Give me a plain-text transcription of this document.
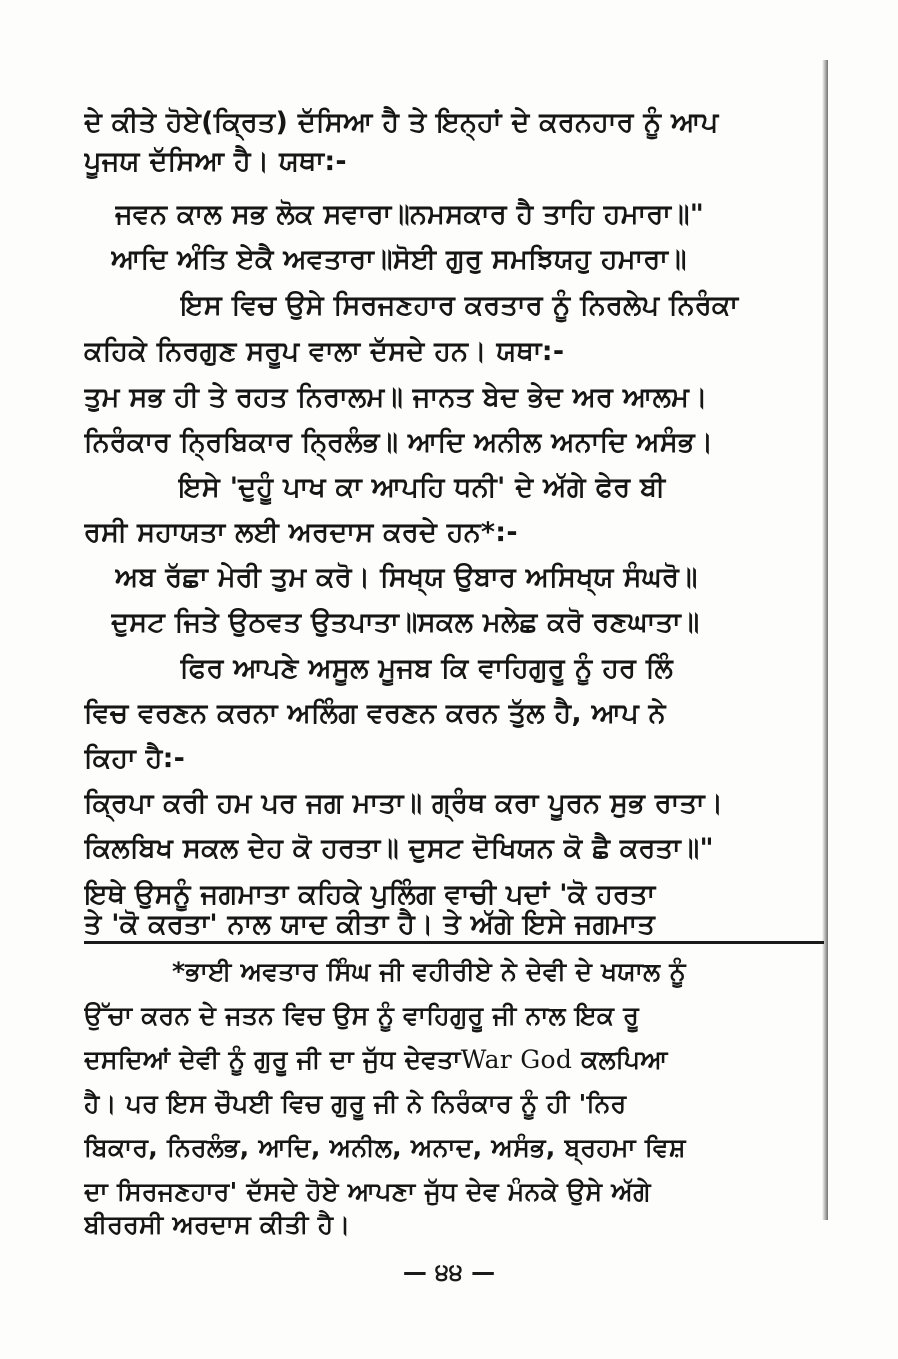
ਦੇ ਕੀਤੇ ਹੋਏ(ਕ੍ਰਿਤ) ਦੱਸਿਆ ਹੈ ਤੇ ਇਨ੍ਹਾਂ ਦੇ ਕਰਨਹਾਰ ਨੂੰ ਆਪ
ਪੂਜਯ ਦੱਸਿਆ ਹੈ। ਯਥਾ:-
ਜਵਨ ਕਾਲ ਸਭ ਲੋਕ ਸਵਾਰਾ॥ਨਮਸਕਾਰ ਹੈ ਤਾਹਿ ਹਮਾਰਾ॥"
ਆਦਿ ਅੰਤਿ ਏਕੈ ਅਵਤਾਰਾ॥ਸੋਈ ਗੁਰੁ ਸਮਝਿਯਹੁ ਹਮਾਰਾ॥
ਇਸ ਵਿਚ ਉਸੇ ਸਿਰਜਣਹਾਰ ਕਰਤਾਰ ਨੂੰ ਨਿਰਲੇਪ ਨਿਰੰਕਾ
ਕਹਿਕੇ ਨਿਰਗੁਣ ਸਰੂਪ ਵਾਲਾ ਦੱਸਦੇ ਹਨ। ਯਥਾ:-
ਤੁਮ ਸਭ ਹੀ ਤੇ ਰਹਤ ਨਿਰਾਲਮ॥ ਜਾਨਤ ਬੇਦ ਭੇਦ ਅਰ ਆਲਮ।
ਨਿਰੰਕਾਰ ਨ੍ਰਿਬਿਕਾਰ ਨ੍ਰਿਲੰਭ॥ ਆਦਿ ਅਨੀਲ ਅਨਾਦਿ ਅਸੰਭ।
ਇਸੇ 'ਦੁਹੂੰ ਪਾਖ ਕਾ ਆਪਹਿ ਧਨੀ' ਦੇ ਅੱਗੇ ਫੇਰ ਬੀ
ਰਸੀ ਸਹਾਯਤਾ ਲਈ ਅਰਦਾਸ ਕਰਦੇ ਹਨ*:-
ਅਬ ਰੱਛਾ ਮੇਰੀ ਤੁਮ ਕਰੋ। ਸਿਖ੍ਯ ਉਬਾਰ ਅਸਿਖ੍ਯ ਸੰਘਰੋ॥
ਦੁਸਟ ਜਿਤੇ ਉਠਵਤ ਉਤਪਾਤਾ॥ਸਕਲ ਮਲੇਛ ਕਰੋ ਰਣਘਾਤਾ॥
ਫਿਰ ਆਪਣੇ ਅਸੂਲ ਮੂਜਬ ਕਿ ਵਾਹਿਗੁਰੂ ਨੂੰ ਹਰ ਲਿੰ
ਵਿਚ ਵਰਣਨ ਕਰਨਾ ਅਲਿੰਗ ਵਰਣਨ ਕਰਨ ਤੁੱਲ ਹੈ, ਆਪ ਨੇ
ਕਿਹਾ ਹੈ:-
ਕ੍ਰਿਪਾ ਕਰੀ ਹਮ ਪਰ ਜਗ ਮਾਤਾ॥ ਗ੍ਰੰਥ ਕਰਾ ਪੂਰਨ ਸੁਭ ਰਾਤਾ।
ਕਿਲਬਿਖ ਸਕਲ ਦੇਹ ਕੋ ਹਰਤਾ॥ ਦੁਸਟ ਦੋਖਿਯਨ ਕੋ ਛੈ ਕਰਤਾ॥"
ਇਥੇ ਉਸਨੂੰ ਜਗਮਾਤਾ ਕਹਿਕੇ ਪੁਲਿੰਗ ਵਾਚੀ ਪਦਾਂ 'ਕੋ ਹਰਤਾ
ਤੇ 'ਕੋ ਕਰਤਾ' ਨਾਲ ਯਾਦ ਕੀਤਾ ਹੈ। ਤੇ ਅੱਗੇ ਇਸੇ ਜਗਮਾਤ
*ਭਾਈ ਅਵਤਾਰ ਸਿੰਘ ਜੀ ਵਹੀਰੀਏ ਨੇ ਦੇਵੀ ਦੇ ਖਯਾਲ ਨੂੰ
ਉੱਚਾ ਕਰਨ ਦੇ ਜਤਨ ਵਿਚ ਉਸ ਨੂੰ ਵਾਹਿਗੁਰੂ ਜੀ ਨਾਲ ਇਕ ਰੂ
ਦਸਦਿਆਂ ਦੇਵੀ ਨੂੰ ਗੁਰੂ ਜੀ ਦਾ ਜੁੱਧ ਦੇਵਤਾWar God ਕਲਪਿਆ
ਹੈ। ਪਰ ਇਸ ਚੌਪਈ ਵਿਚ ਗੁਰੂ ਜੀ ਨੇ ਨਿਰੰਕਾਰ ਨੂੰ ਹੀ 'ਨਿਰ
ਬਿਕਾਰ, ਨਿਰਲੰਭ, ਆਦਿ, ਅਨੀਲ, ਅਨਾਦ, ਅਸੰਭ, ਬ੍ਰਹਮਾ ਵਿਸ਼
ਦਾ ਸਿਰਜਣਹਾਰ' ਦੱਸਦੇ ਹੋਏ ਆਪਣਾ ਜੁੱਧ ਦੇਵ ਮੰਨਕੇ ਉਸੇ ਅੱਗੇ
ਬੀਰਰਸੀ ਅਰਦਾਸ ਕੀਤੀ ਹੈ।
— ੪੪ —
